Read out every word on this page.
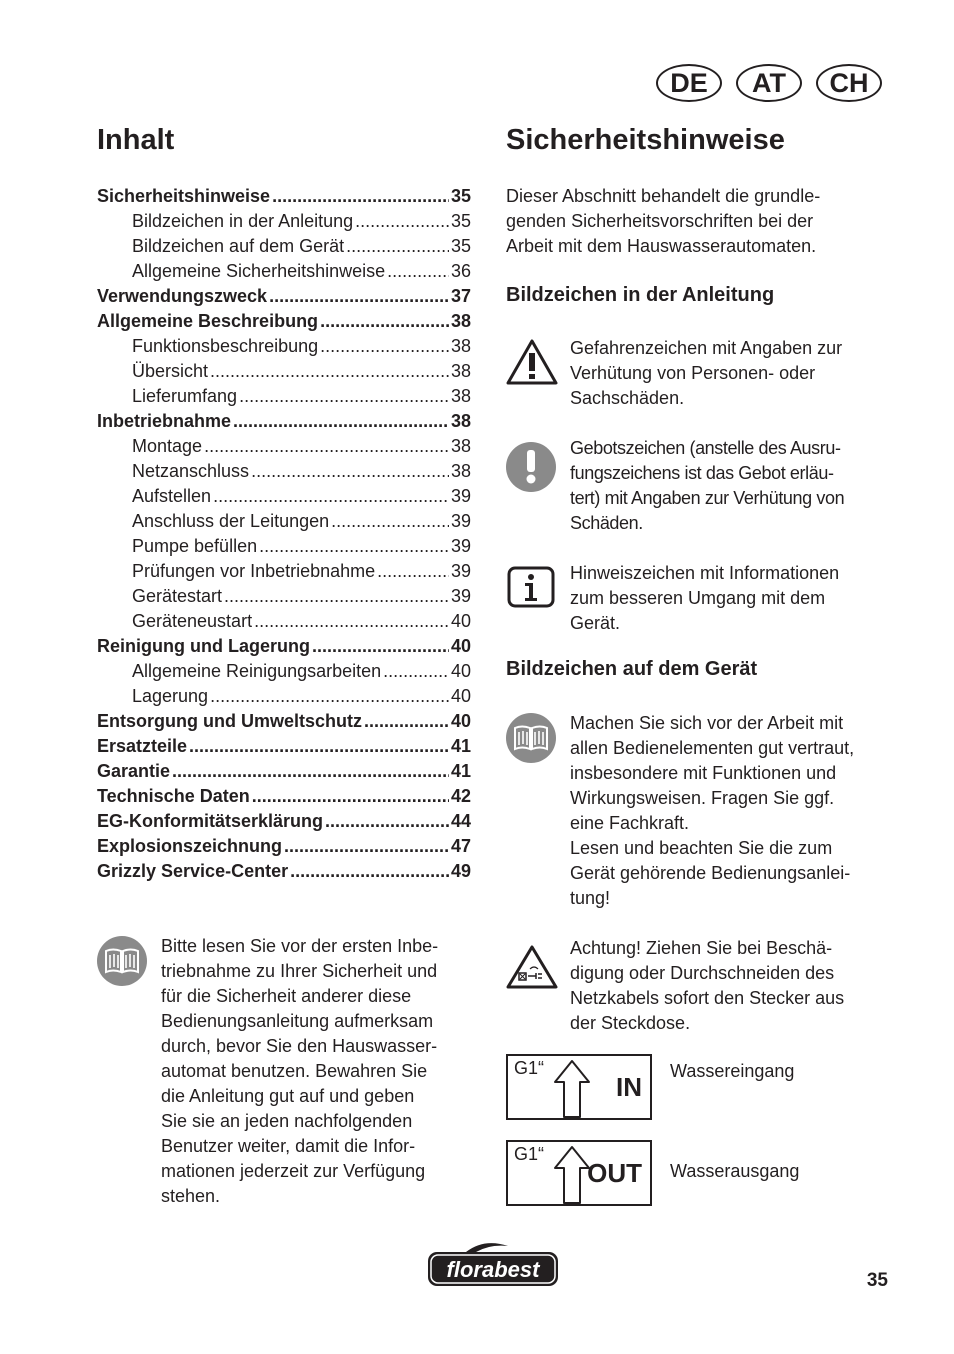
DE	AT	CH
Inhalt
Sicherheitshinweise .....	35
Bildzeichen in der Anleitung .....	35
Bildzeichen auf dem Gerät .....	35
Allgemeine Sicherheitshinweise .....	36
Verwendungszweck .....	37
Allgemeine Beschreibung .....	38
Funktionsbeschreibung .....	38
Übersicht .....	38
Lieferumfang .....	38
Inbetriebnahme .....	38
Montage .....	38
Netzanschluss .....	38
Aufstellen .....	39
Anschluss der Leitungen .....	39
Pumpe befüllen .....	39
Prüfungen vor Inbetriebnahme .....	39
Gerätestart .....	39
Geräteneustart .....	40
Reinigung und Lagerung .....	40
Allgemeine Reinigungsarbeiten .....	40
Lagerung .....	40
Entsorgung und Umweltschutz .....	40
Ersatzteile .....	41
Garantie .....	41
Technische Daten .....	42
EG-Konformitätserklärung .....	44
Explosionszeichnung .....	47
Grizzly Service-Center .....	49
Bitte lesen Sie vor der ersten Inbe-
triebnahme zu Ihrer Sicherheit und
für die Sicherheit anderer diese
Bedienungsanleitung aufmerksam
durch, bevor Sie den Hauswasser-
automat benutzen. Bewahren Sie
die Anleitung gut auf und geben
Sie sie an jeden nachfolgenden
Benutzer weiter, damit die Infor-
mationen jederzeit zur Verfügung
stehen.
Sicherheitshinweise
Dieser Abschnitt behandelt die grundle-
genden Sicherheitsvorschriften bei der
Arbeit mit dem Hauswasserautomaten.
Bildzeichen in der Anleitung
Gefahrenzeichen mit Angaben zur
Verhütung von Personen- oder
Sachschäden.
Gebotszeichen (anstelle des Ausru-
fungszeichens ist das Gebot erläu-
tert) mit Angaben zur Verhütung von
Schäden.
Hinweiszeichen mit Informationen
zum besseren Umgang mit dem
Gerät.
Bildzeichen auf dem Gerät
Machen Sie sich vor der Arbeit mit
allen Bedienelementen gut vertraut,
insbesondere mit Funktionen und
Wirkungsweisen. Fragen Sie ggf.
eine Fachkraft.
Lesen und beachten Sie die zum
Gerät gehörende Bedienungsanlei-
tung!
Achtung! Ziehen Sie bei Beschä-
digung oder Durchschneiden des
Netzkabels sofort den Stecker aus
der Steckdose.
G1“
IN
Wassereingang
G1“
OUT Wasserausgang
florabest	35
